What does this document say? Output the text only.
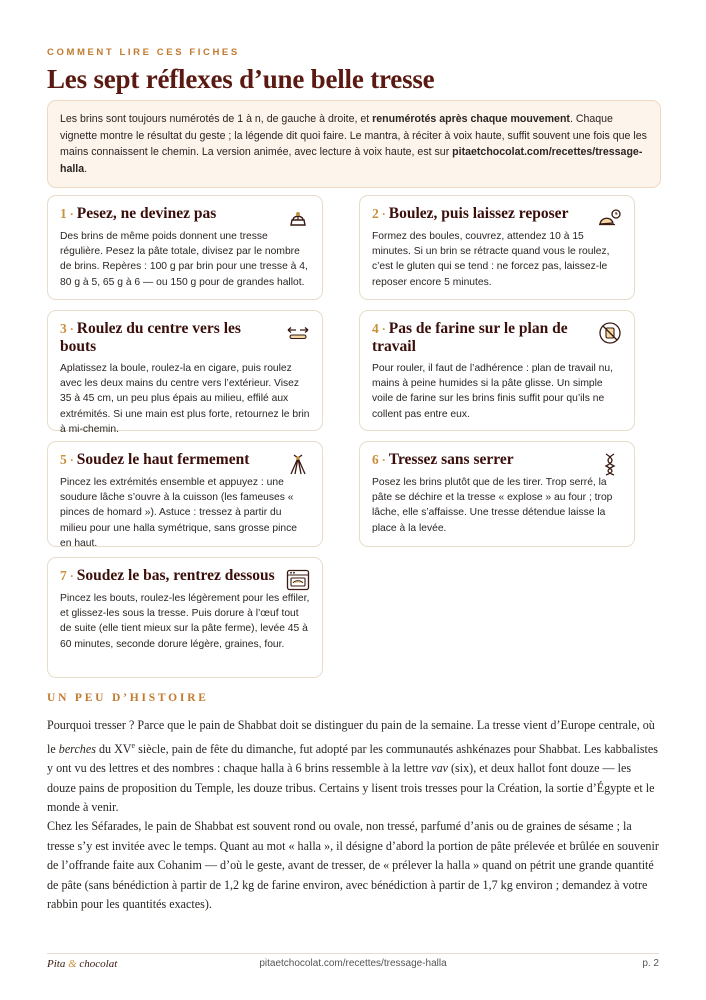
COMMENT LIRE CES FICHES
Les sept réflexes d’une belle tresse
Les brins sont toujours numérotés de 1 à n, de gauche à droite, et renumérotés après chaque mouvement. Chaque vignette montre le résultat du geste ; la légende dit quoi faire. Le mantra, à réciter à voix haute, suffit souvent une fois que les mains connaissent le chemin. La version animée, avec lecture à voix haute, est sur pitaetchocolat.com/recettes/tressage-halla.
1 · Pesez, ne devinez pas

Des brins de même poids donnent une tresse régulière. Pesez la pâte totale, divisez par le nombre de brins. Repères : 100 g par brin pour une tresse à 4, 80 g à 5, 65 g à 6 — ou 150 g pour de grandes hallot.

2 · Boulez, puis laissez reposer

Formez des boules, couvrez, attendez 10 à 15 minutes. Si un brin se rétracte quand vous le roulez, c’est le gluten qui se tend : ne forcez pas, laissez-le reposer encore 5 minutes.

3 · Roulez du centre vers les bouts

Aplatissez la boule, roulez-la en cigare, puis roulez avec les deux mains du centre vers l’extérieur. Visez 35 à 45 cm, un peu plus épais au milieu, effilé aux extrémités. Si une main est plus forte, retournez le brin à mi-chemin.

4 · Pas de farine sur le plan de travail

Pour rouler, il faut de l’adhérence : plan de travail nu, mains à peine humides si la pâte glisse. Un simple voile de farine sur les brins finis suffit pour qu’ils ne collent pas entre eux.

5 · Soudez le haut fermement

Pincez les extrémités ensemble et appuyez : une soudure lâche s’ouvre à la cuisson (les fameuses « pinces de homard »). Astuce : tressez à partir du milieu pour une halla symétrique, sans grosse pince en haut.

6 · Tressez sans serrer

Posez les brins plutôt que de les tirer. Trop serré, la pâte se déchire et la tresse « explose » au four ; trop lâche, elle s’affaisse. Une tresse détendue laisse la place à la levée.

7 · Soudez le bas, rentrez dessous

Pincez les bouts, roulez-les légèrement pour les effiler, et glissez-les sous la tresse. Puis dorure à l’œuf tout de suite (elle tient mieux sur la pâte ferme), levée 45 à 60 minutes, seconde dorure légère, graines, four.

UN PEU D’HISTOIRE

Pourquoi tresser ? Parce que le pain de Shabbat doit se distinguer du pain de la semaine. La tresse vient d’Europe centrale, où le berches du XVe siècle, pain de fête du dimanche, fut adopté par les communautés ashkénazes pour Shabbat. Les kabbalistes y ont vu des lettres et des nombres : chaque halla à 6 brins ressemble à la lettre vav (six), et deux hallot font douze — les douze pains de proposition du Temple, les douze tribus. Certains y lisent trois tresses pour la Création, la sortie d’Égypte et le monde à venir.

Chez les Séfarades, le pain de Shabbat est souvent rond ou ovale, non tressé, parfumé d’anis ou de graines de sésame ; la tresse s’y est invitée avec le temps. Quant au mot « halla », il désigne d’abord la portion de pâte prélevée et brûlée en souvenir de l’offrande faite aux Cohanim — d’où le geste, avant de tresser, de « prélever la halla » quand on pétrit une grande quantité de pâte (sans bénédiction à partir de 1,2 kg de farine environ, avec bénédiction à partir de 1,7 kg environ ; demandez à votre rabbin pour les quantités exactes).

Pita & chocolat	pitaetchocolat.com/recettes/tressage-halla	p. 2
